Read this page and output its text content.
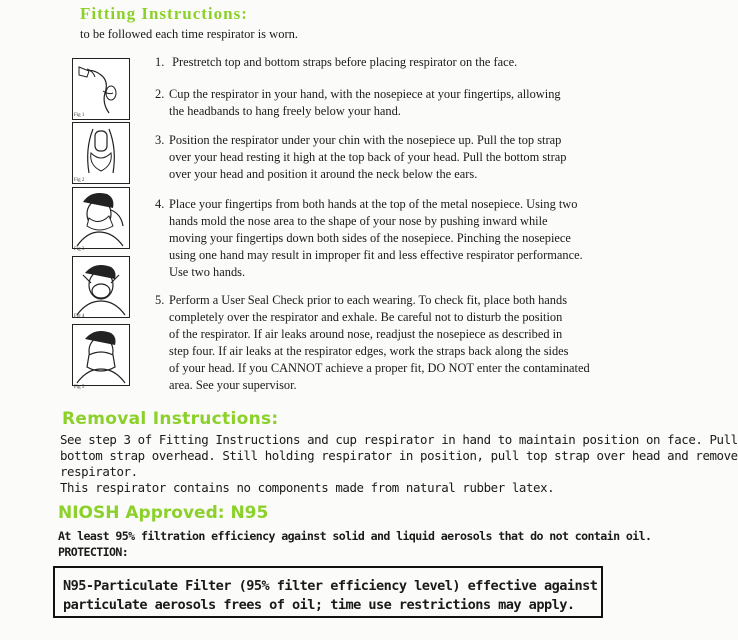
Fitting Instructions:
to be followed each time respirator is worn.
Fig 1
Fig 2
Fig 3
Fig 4
Fig 5
1. Prestretch top and bottom straps before placing respirator on the face.
2. Cup the respirator in your hand, with the nosepiece at your fingertips, allowing
the headbands to hang freely below your hand.
3. Position the respirator under your chin with the nosepiece up. Pull the top strap
over your head resting it high at the top back of your head. Pull the bottom strap
over your head and position it around the neck below the ears.
4. Place your fingertips from both hands at the top of the metal nosepiece. Using two
hands mold the nose area to the shape of your nose by pushing inward while
moving your fingertips down both sides of the nosepiece. Pinching the nosepiece
using one hand may result in improper fit and less effective respirator performance.
Use two hands.
5. Perform a User Seal Check prior to each wearing. To check fit, place both hands
completely over the respirator and exhale. Be careful not to disturb the position
of the respirator. If air leaks around nose, readjust the nosepiece as described in
step four. If air leaks at the respirator edges, work the straps back along the sides
of your head. If you CANNOT achieve a proper fit, DO NOT enter the contaminated
area. See your supervisor.
Removal Instructions:
See step 3 of Fitting Instructions and cup respirator in hand to maintain position on face. Pull
bottom strap overhead. Still holding respirator in position, pull top strap over head and remove
respirator.
This respirator contains no components made from natural rubber latex.
NIOSH Approved: N95
At least 95% filtration efficiency against solid and liquid aerosols that do not contain oil.
PROTECTION:
N95-Particulate Filter (95% filter efficiency level) effective against
particulate aerosols frees of oil; time use restrictions may apply.
